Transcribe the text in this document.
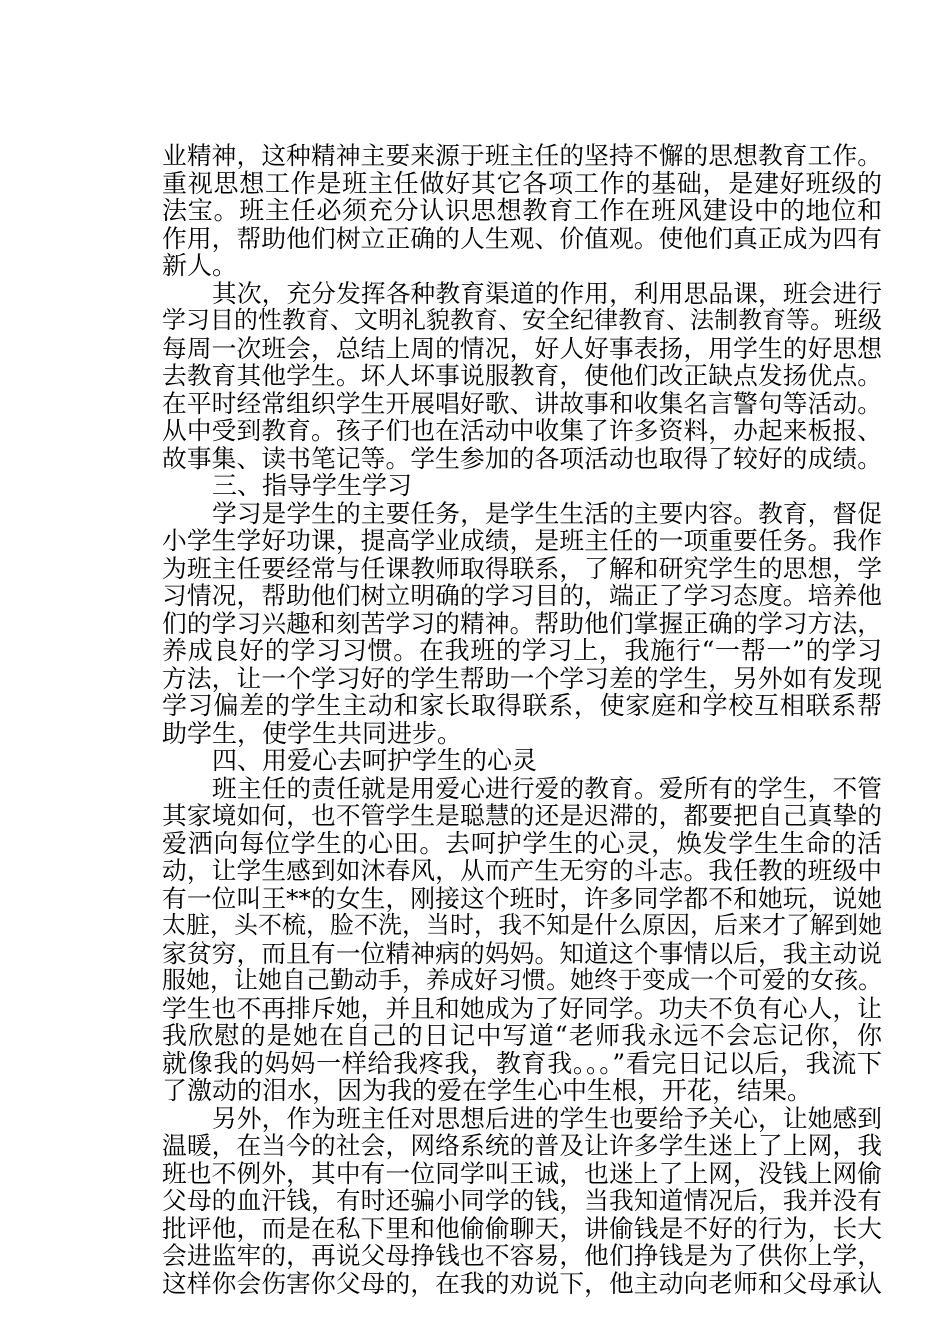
业精神，这种精神主要来源于班主任的坚持不懈的思想教育工作。
重视思想工作是班主任做好其它各项工作的基础，是建好班级的
法宝。班主任必须充分认识思想教育工作在班风建设中的地位和
作用，帮助他们树立正确的人生观、价值观。使他们真正成为四有
新人。
其次，充分发挥各种教育渠道的作用，利用思品课，班会进行
学习目的性教育、文明礼貌教育、安全纪律教育、法制教育等。班级
每周一次班会，总结上周的情况，好人好事表扬，用学生的好思想
去教育其他学生。坏人坏事说服教育，使他们改正缺点发扬优点。
在平时经常组织学生开展唱好歌、讲故事和收集名言警句等活动。
从中受到教育。孩子们也在活动中收集了许多资料，办起来板报、
故事集、读书笔记等。学生参加的各项活动也取得了较好的成绩。
三、指导学生学习
学习是学生的主要任务，是学生生活的主要内容。教育，督促
小学生学好功课，提高学业成绩，是班主任的一项重要任务。我作
为班主任要经常与任课教师取得联系，了解和研究学生的思想，学
习情况，帮助他们树立明确的学习目的，端正了学习态度。培养他
们的学习兴趣和刻苦学习的精神。帮助他们掌握正确的学习方法，
养成良好的学习习惯。在我班的学习上，我施行“一帮一”的学习
方法，让一个学习好的学生帮助一个学习差的学生，另外如有发现
学习偏差的学生主动和家长取得联系，使家庭和学校互相联系帮
助学生，使学生共同进步。
四、用爱心去呵护学生的心灵
班主任的责任就是用爱心进行爱的教育。爱所有的学生，不管
其家境如何，也不管学生是聪慧的还是迟滞的，都要把自己真挚的
爱洒向每位学生的心田。去呵护学生的心灵，焕发学生生命的活
动，让学生感到如沐春风，从而产生无穷的斗志。我任教的班级中
有一位叫王**的女生，刚接这个班时，许多同学都不和她玩，说她
太脏，头不梳，脸不洗，当时，我不知是什么原因，后来才了解到她
家贫穷，而且有一位精神病的妈妈。知道这个事情以后，我主动说
服她，让她自己勤动手，养成好习惯。她终于变成一个可爱的女孩。
学生也不再排斥她，并且和她成为了好同学。功夫不负有心人，让
我欣慰的是她在自己的日记中写道“老师我永远不会忘记你，你
就像我的妈妈一样给我疼我，教育我。。。”看完日记以后，我流下
了激动的泪水，因为我的爱在学生心中生根，开花，结果。
另外，作为班主任对思想后进的学生也要给予关心，让她感到
温暖，在当今的社会，网络系统的普及让许多学生迷上了上网，我
班也不例外，其中有一位同学叫王诚，也迷上了上网，没钱上网偷
父母的血汗钱，有时还骗小同学的钱，当我知道情况后，我并没有
批评他，而是在私下里和他偷偷聊天，讲偷钱是不好的行为，长大
会进监牢的，再说父母挣钱也不容易，他们挣钱是为了供你上学，
这样你会伤害你父母的，在我的劝说下，他主动向老师和父母承认
